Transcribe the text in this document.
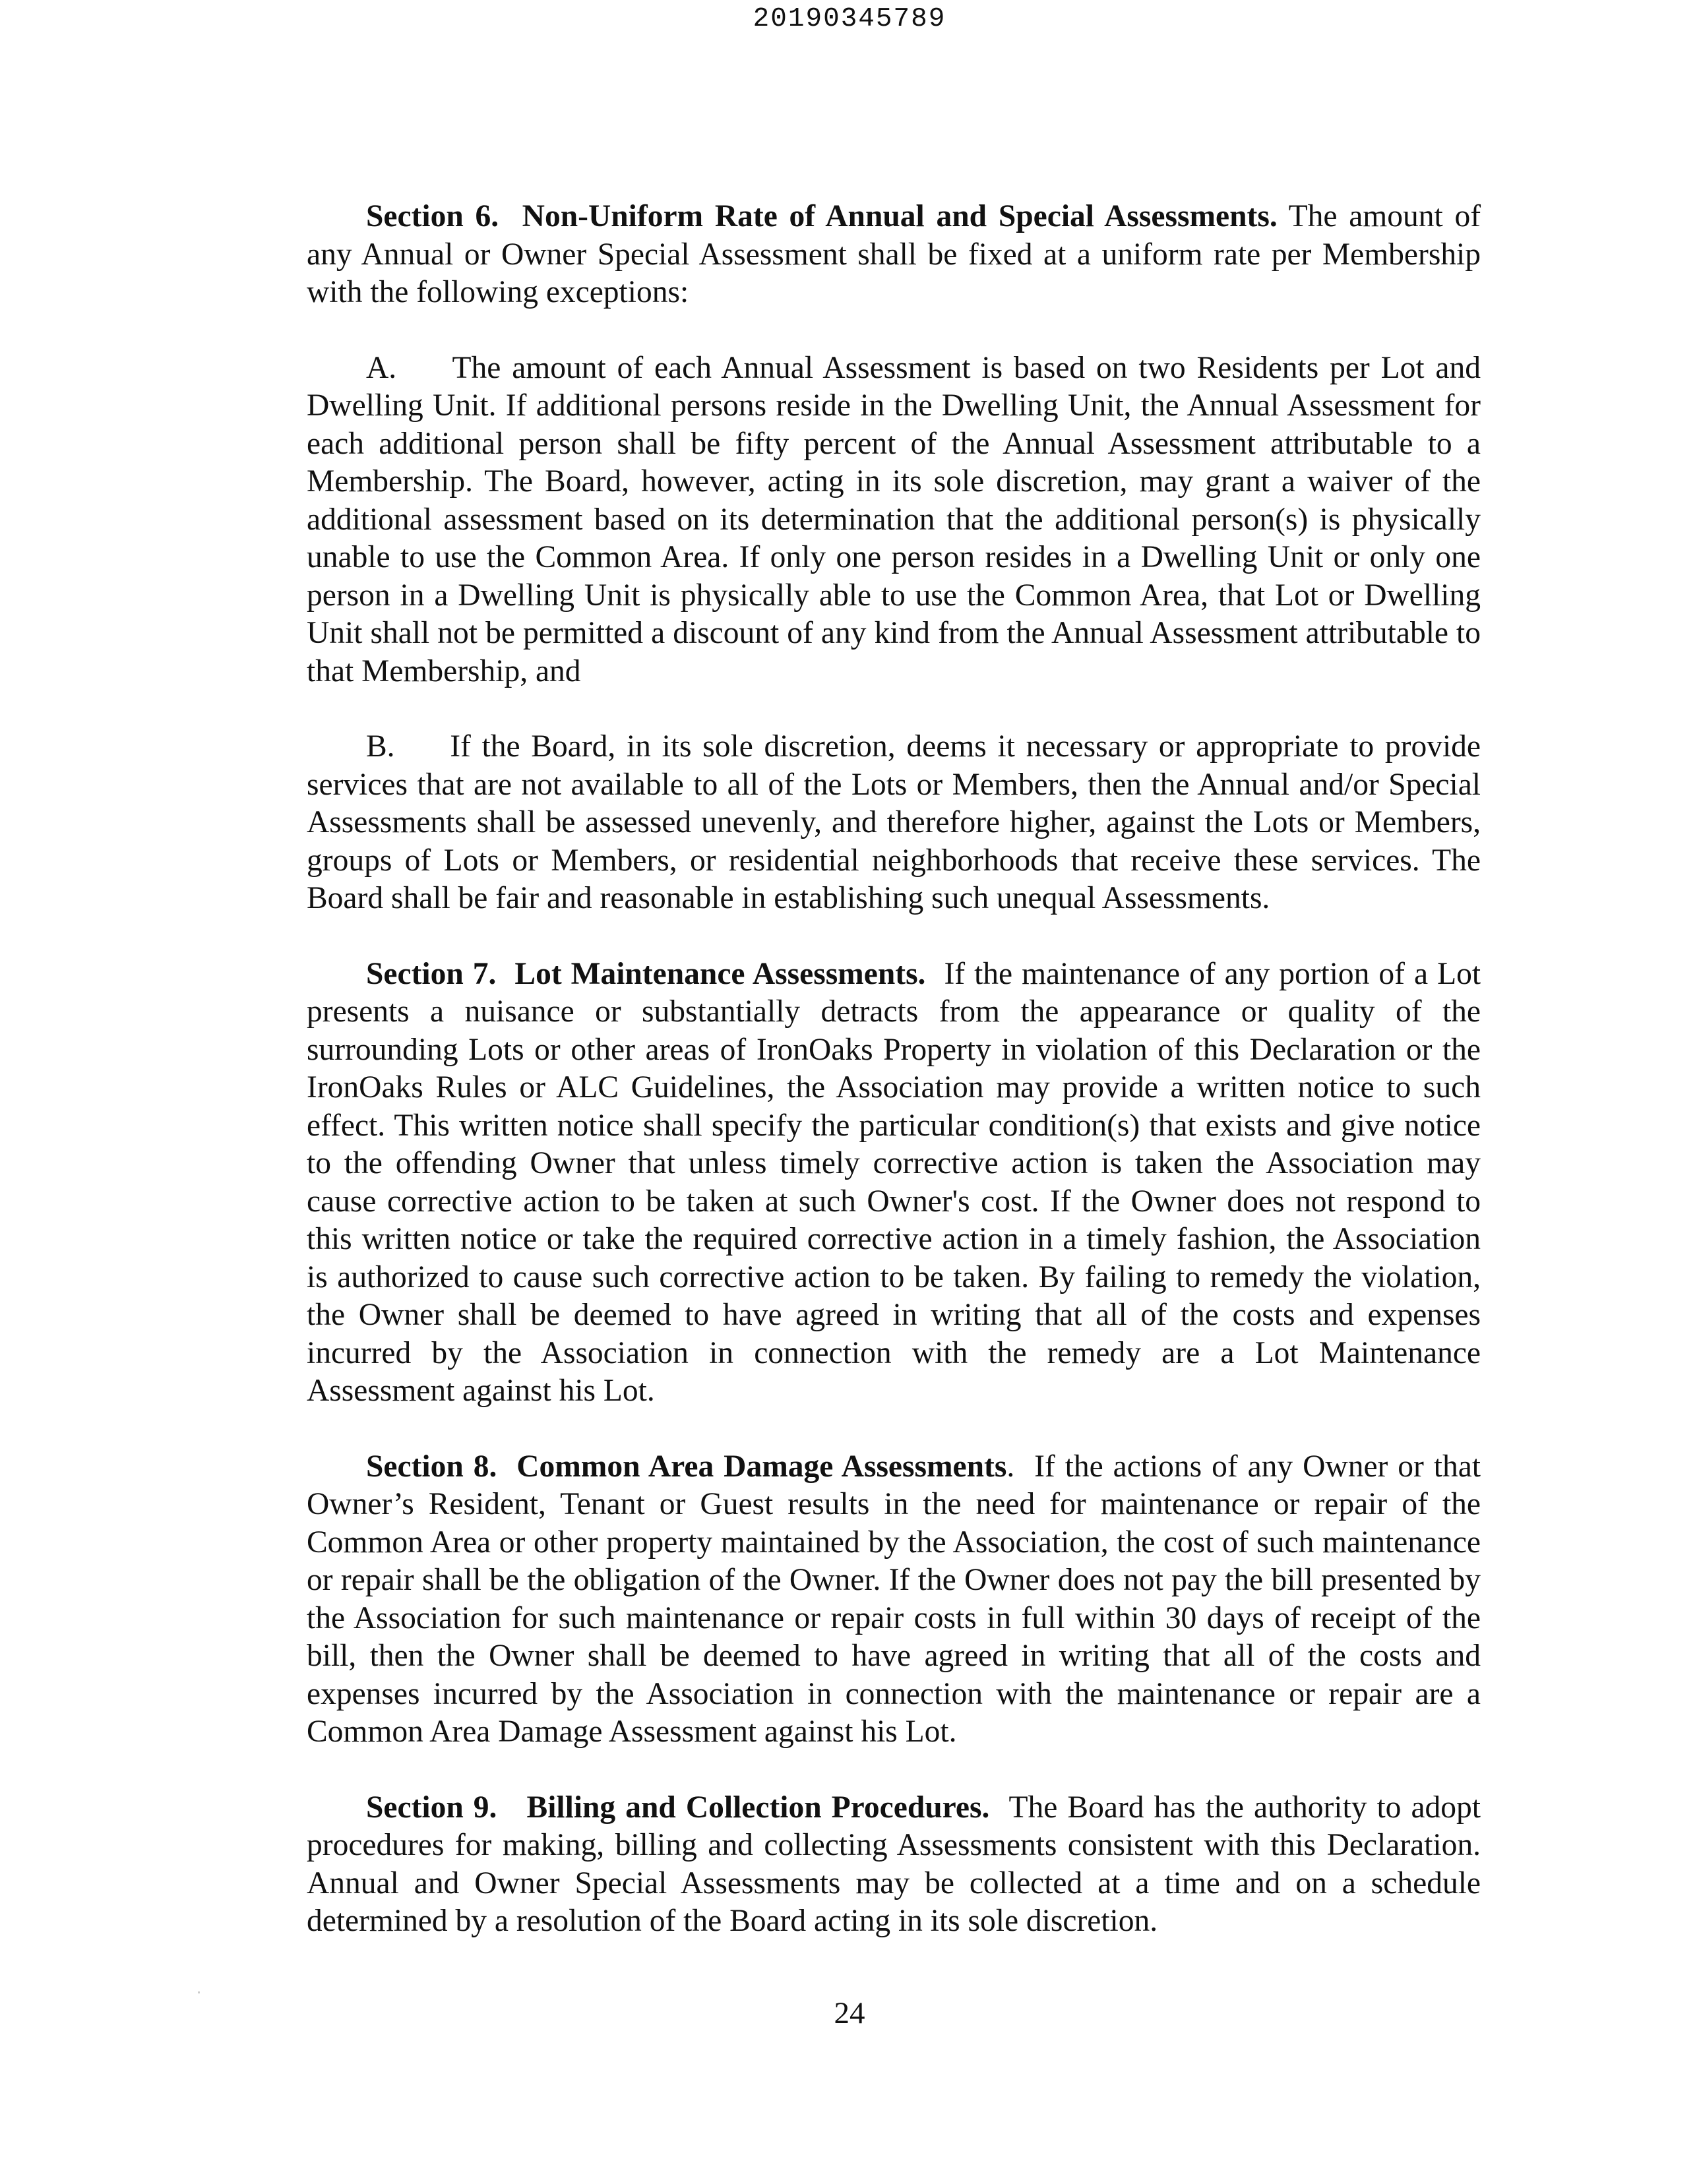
20190345789

Section 6. Non-Uniform Rate of Annual and Special Assessments. The amount of any Annual or Owner Special Assessment shall be fixed at a uniform rate per Membership with the following exceptions:

A. The amount of each Annual Assessment is based on two Residents per Lot and Dwelling Unit. If additional persons reside in the Dwelling Unit, the Annual Assessment for each additional person shall be fifty percent of the Annual Assessment attributable to a Membership. The Board, however, acting in its sole discretion, may grant a waiver of the additional assessment based on its determination that the additional person(s) is physically unable to use the Common Area. If only one person resides in a Dwelling Unit or only one person in a Dwelling Unit is physically able to use the Common Area, that Lot or Dwelling Unit shall not be permitted a discount of any kind from the Annual Assessment attributable to that Membership, and

B. If the Board, in its sole discretion, deems it necessary or appropriate to provide services that are not available to all of the Lots or Members, then the Annual and/or Special Assessments shall be assessed unevenly, and therefore higher, against the Lots or Members, groups of Lots or Members, or residential neighborhoods that receive these services. The Board shall be fair and reasonable in establishing such unequal Assessments.

Section 7. Lot Maintenance Assessments. If the maintenance of any portion of a Lot presents a nuisance or substantially detracts from the appearance or quality of the surrounding Lots or other areas of IronOaks Property in violation of this Declaration or the IronOaks Rules or ALC Guidelines, the Association may provide a written notice to such effect. This written notice shall specify the particular condition(s) that exists and give notice to the offending Owner that unless timely corrective action is taken the Association may cause corrective action to be taken at such Owner's cost. If the Owner does not respond to this written notice or take the required corrective action in a timely fashion, the Association is authorized to cause such corrective action to be taken. By failing to remedy the violation, the Owner shall be deemed to have agreed in writing that all of the costs and expenses incurred by the Association in connection with the remedy are a Lot Maintenance Assessment against his Lot.

Section 8. Common Area Damage Assessments. If the actions of any Owner or that Owner’s Resident, Tenant or Guest results in the need for maintenance or repair of the Common Area or other property maintained by the Association, the cost of such maintenance or repair shall be the obligation of the Owner. If the Owner does not pay the bill presented by the Association for such maintenance or repair costs in full within 30 days of receipt of the bill, then the Owner shall be deemed to have agreed in writing that all of the costs and expenses incurred by the Association in connection with the maintenance or repair are a Common Area Damage Assessment against his Lot.

Section 9. Billing and Collection Procedures. The Board has the authority to adopt procedures for making, billing and collecting Assessments consistent with this Declaration. Annual and Owner Special Assessments may be collected at a time and on a schedule determined by a resolution of the Board acting in its sole discretion.

24
